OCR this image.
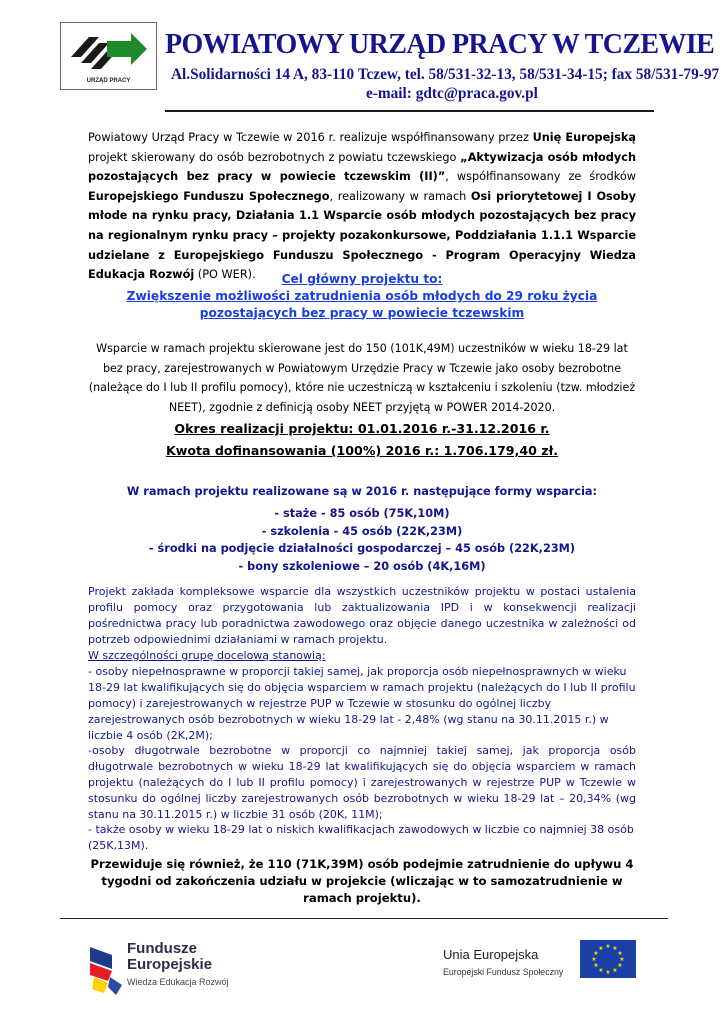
URZĄD PRACY
POWIATOWY URZĄD PRACY W TCZEWIE
Al.Solidarności 14 A, 83-110 Tczew, tel. 58/531-32-13, 58/531-34-15; fax 58/531-79-97
e-mail: gdtc@praca.gov.pl
Powiatowy Urząd Pracy w Tczewie w 2016 r. realizuje współfinansowany przez Unię Europejską projekt skierowany do osób bezrobotnych z powiatu tczewskiego „Aktywizacja osób młodych pozostających bez pracy w powiecie tczewskim (II)”, współfinansowany ze środków Europejskiego Funduszu Społecznego, realizowany w ramach Osi priorytetowej I Osoby młode na rynku pracy, Działania 1.1 Wsparcie osób młodych pozostających bez pracy na regionalnym rynku pracy – projekty pozakonkursowe, Poddziałania 1.1.1 Wsparcie udzielane z Europejskiego Funduszu Społecznego - Program Operacyjny Wiedza Edukacja Rozwój (PO WER).	Cel główny projektu to:
Zwiększenie możliwości zatrudnienia osób młodych do 29 roku życia pozostających bez pracy w powiecie tczewskim
Wsparcie w ramach projektu skierowane jest do 150 (101K,49M) uczestników w wieku 18-29 lat bez pracy, zarejestrowanych w Powiatowym Urzędzie Pracy w Tczewie jako osoby bezrobotne (należące do I lub II profilu pomocy), które nie uczestniczą w kształceniu i szkoleniu (tzw. młodzież NEET), zgodnie z definicją osoby NEET przyjętą w POWER 2014-2020.
Okres realizacji projektu: 01.01.2016 r.-31.12.2016 r.
Kwota dofinansowania (100%) 2016 r.: 1.706.179,40 zł.
W ramach projektu realizowane są w 2016 r. następujące formy wsparcia:
- staże - 85 osób (75K,10M)
- szkolenia - 45 osób (22K,23M)
- środki na podjęcie działalności gospodarczej – 45 osób (22K,23M)
- bony szkoleniowe – 20 osób (4K,16M)
Projekt zakłada kompleksowe wsparcie dla wszystkich uczestników projektu w postaci ustalenia profilu pomocy oraz przygotowania lub zaktualizowania IPD i w konsekwencji realizacji pośrednictwa pracy lub poradnictwa zawodowego oraz objęcie danego uczestnika w zależności od potrzeb odpowiednimi działaniami w ramach projektu.
W szczególności grupę docelową stanowią:
- osoby niepełnosprawne w proporcji takiej samej, jak proporcja osób niepełnosprawnych w wieku 18-29 lat kwalifikujących się do objęcia wsparciem w ramach projektu (należących do I lub II profilu pomocy) i zarejestrowanych w rejestrze PUP w Tczewie w stosunku do ogólnej liczby zarejestrowanych osób bezrobotnych w wieku 18-29 lat - 2,48% (wg stanu na 30.11.2015 r.) w liczbie 4 osób (2K,2M);
-osoby długotrwale bezrobotne w proporcji co najmniej takiej samej, jak proporcja osób długotrwale bezrobotnych w wieku 18-29 lat kwalifikujących się do objęcia wsparciem w ramach projektu (należących do I lub II profilu pomocy) i zarejestrowanych w rejestrze PUP w Tczewie w stosunku do ogólnej liczby zarejestrowanych osób bezrobotnych w wieku 18-29 lat – 20,34% (wg stanu na 30.11.2015 r.) w liczbie 31 osób (20K, 11M);
- także osoby w wieku 18-29 lat o niskich kwalifikacjach zawodowych w liczbie co najmniej 38 osób (25K,13M).
Przewiduje się również, że 110 (71K,39M) osób podejmie zatrudnienie do upływu 4 tygodni od zakończenia udziału w projekcie (wliczając w to samozatrudnienie w ramach projektu).
Fundusze
Europejskie
Wiedza Edukacja Rozwój
Unia Europejska
Europejski Fundusz Społeczny
★ ★
★
★
★
★
★
★
★
★
★
★
